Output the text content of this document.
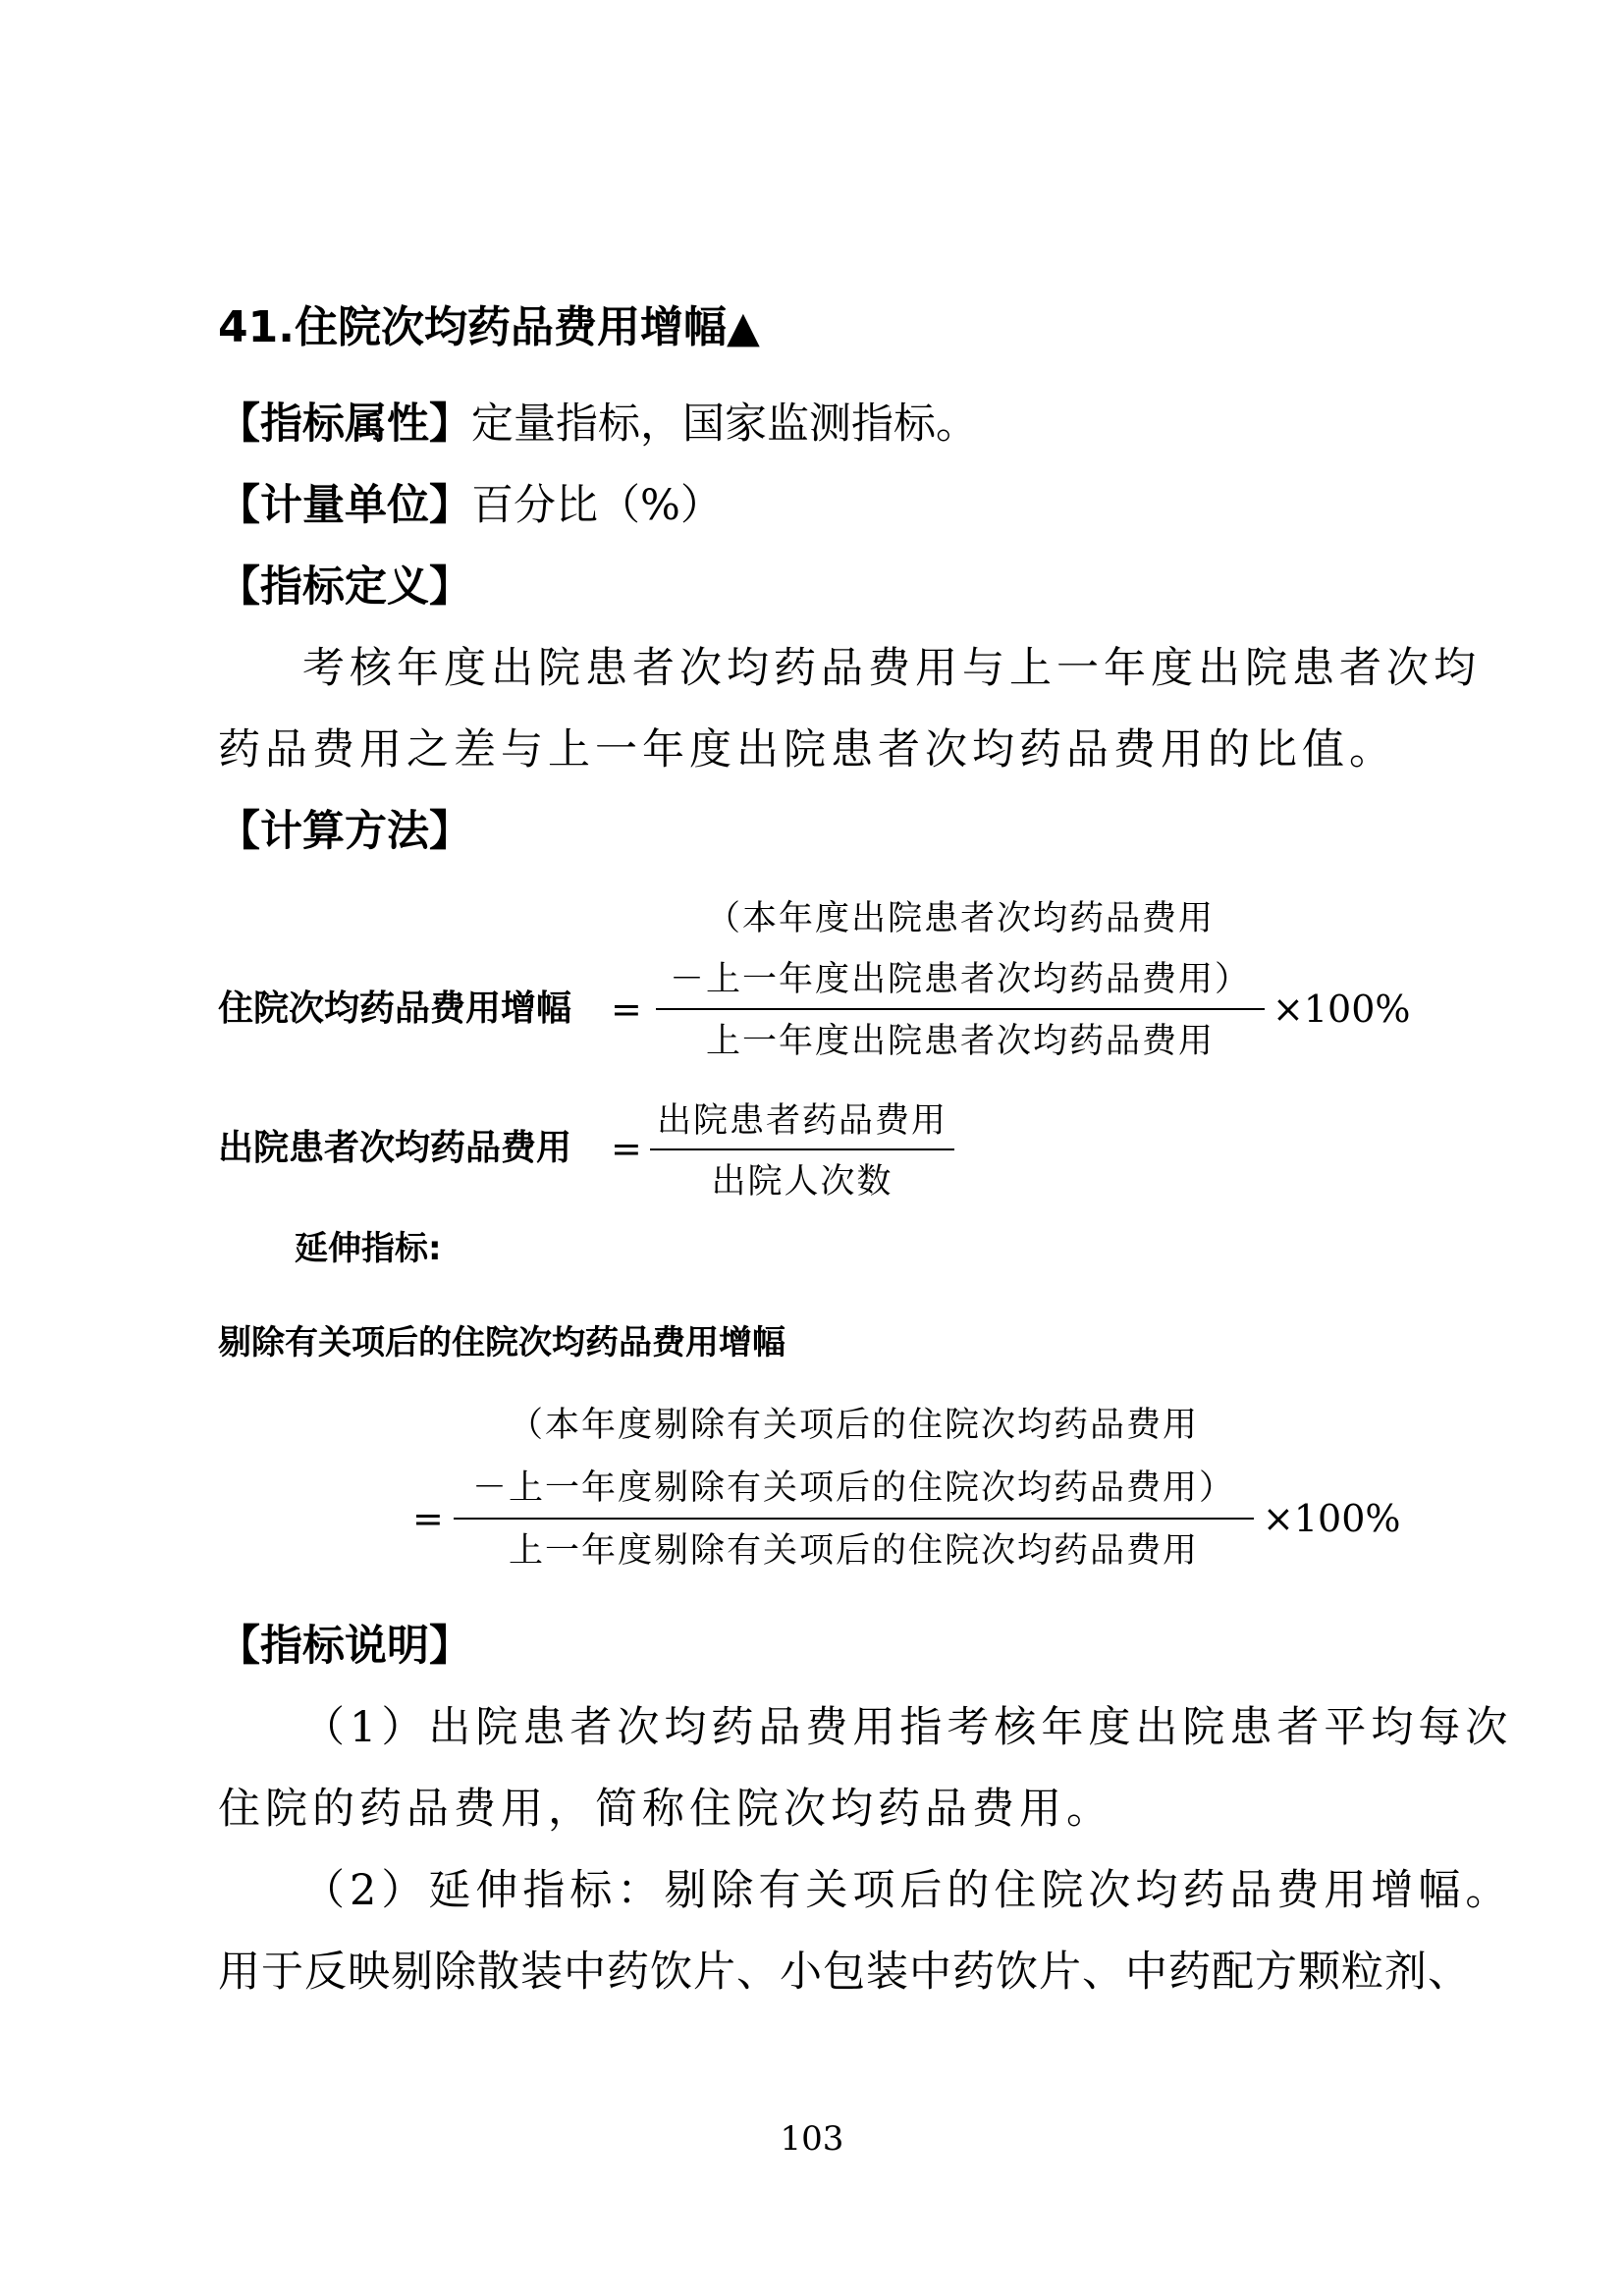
41.住院次均药品费用增幅▲
【指标属性】定量指标，国家监测指标。
【计量单位】百分比（%）
【指标定义】
考核年度出院患者次均药品费用与上一年度出院患者次均
药品费用之差与上一年度出院患者次均药品费用的比值。
【计算方法】
（本年度出院患者次均药品费用
－上一年度出院患者次均药品费用）
住院次均药品费用增幅 =	×100%
上一年度出院患者次均药品费用
出院患者药品费用
出院患者次均药品费用 =
出院人次数
延伸指标:
剔除有关项后的住院次均药品费用增幅
（本年度剔除有关项后的住院次均药品费用
－上一年度剔除有关项后的住院次均药品费用）
=	×100%
上一年度剔除有关项后的住院次均药品费用
【指标说明】
（1）出院患者次均药品费用指考核年度出院患者平均每次
住院的药品费用，简称住院次均药品费用。
（2）延伸指标：剔除有关项后的住院次均药品费用增幅。
用于反映剔除散装中药饮片、小包装中药饮片、中药配方颗粒剂、
103
